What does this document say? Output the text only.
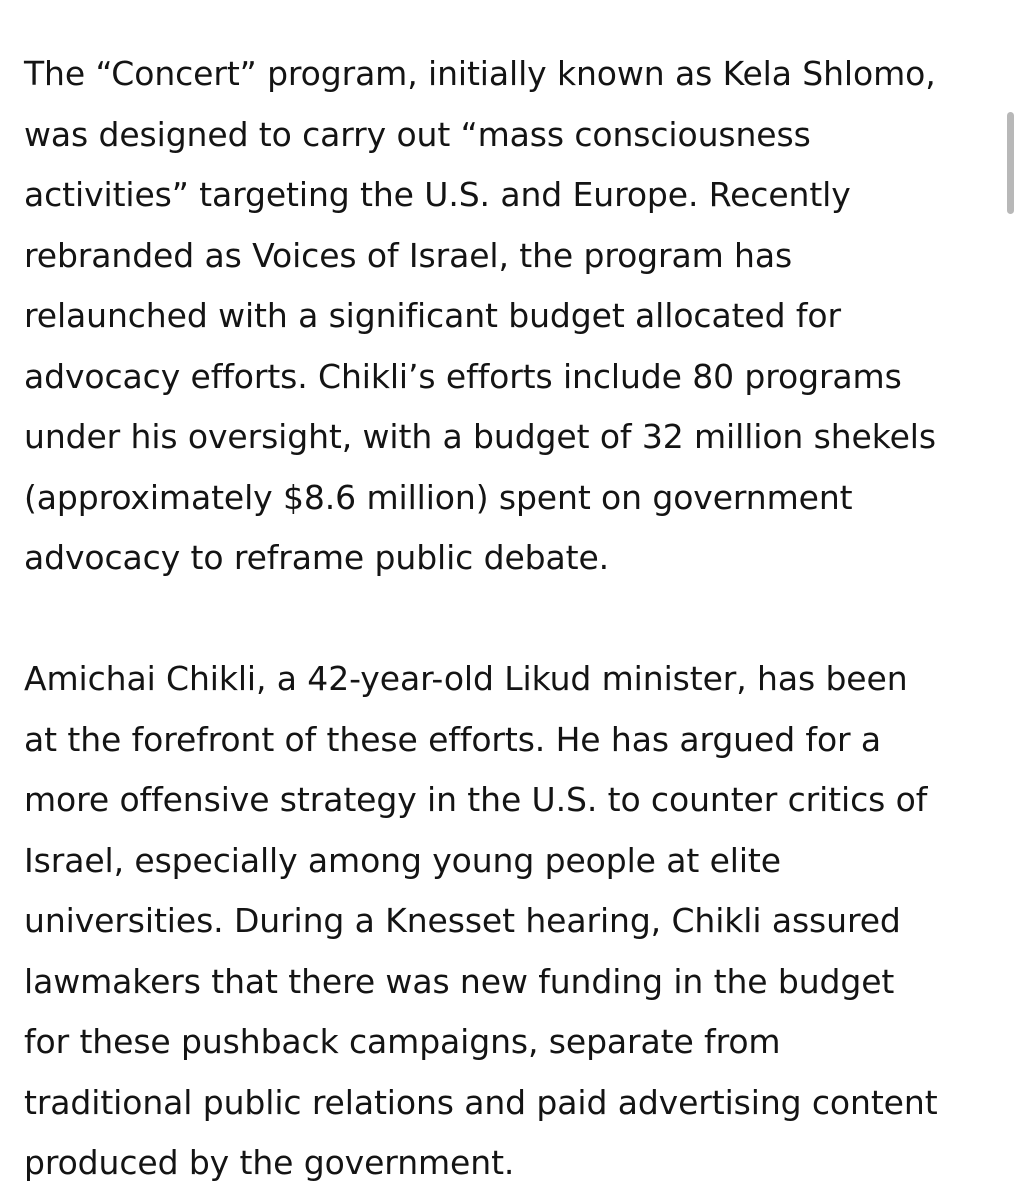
The “Concert” program, initially known as Kela Shlomo,
was designed to carry out “mass consciousness
activities” targeting the U.S. and Europe. Recently
rebranded as Voices of Israel, the program has
relaunched with a significant budget allocated for
advocacy efforts. Chikli’s efforts include 80 programs
under his oversight, with a budget of 32 million shekels
(approximately $8.6 million) spent on government
advocacy to reframe public debate.

Amichai Chikli, a 42-year-old Likud minister, has been
at the forefront of these efforts. He has argued for a
more offensive strategy in the U.S. to counter critics of
Israel, especially among young people at elite
universities. During a Knesset hearing, Chikli assured
lawmakers that there was new funding in the budget
for these pushback campaigns, separate from
traditional public relations and paid advertising content
produced by the government.
